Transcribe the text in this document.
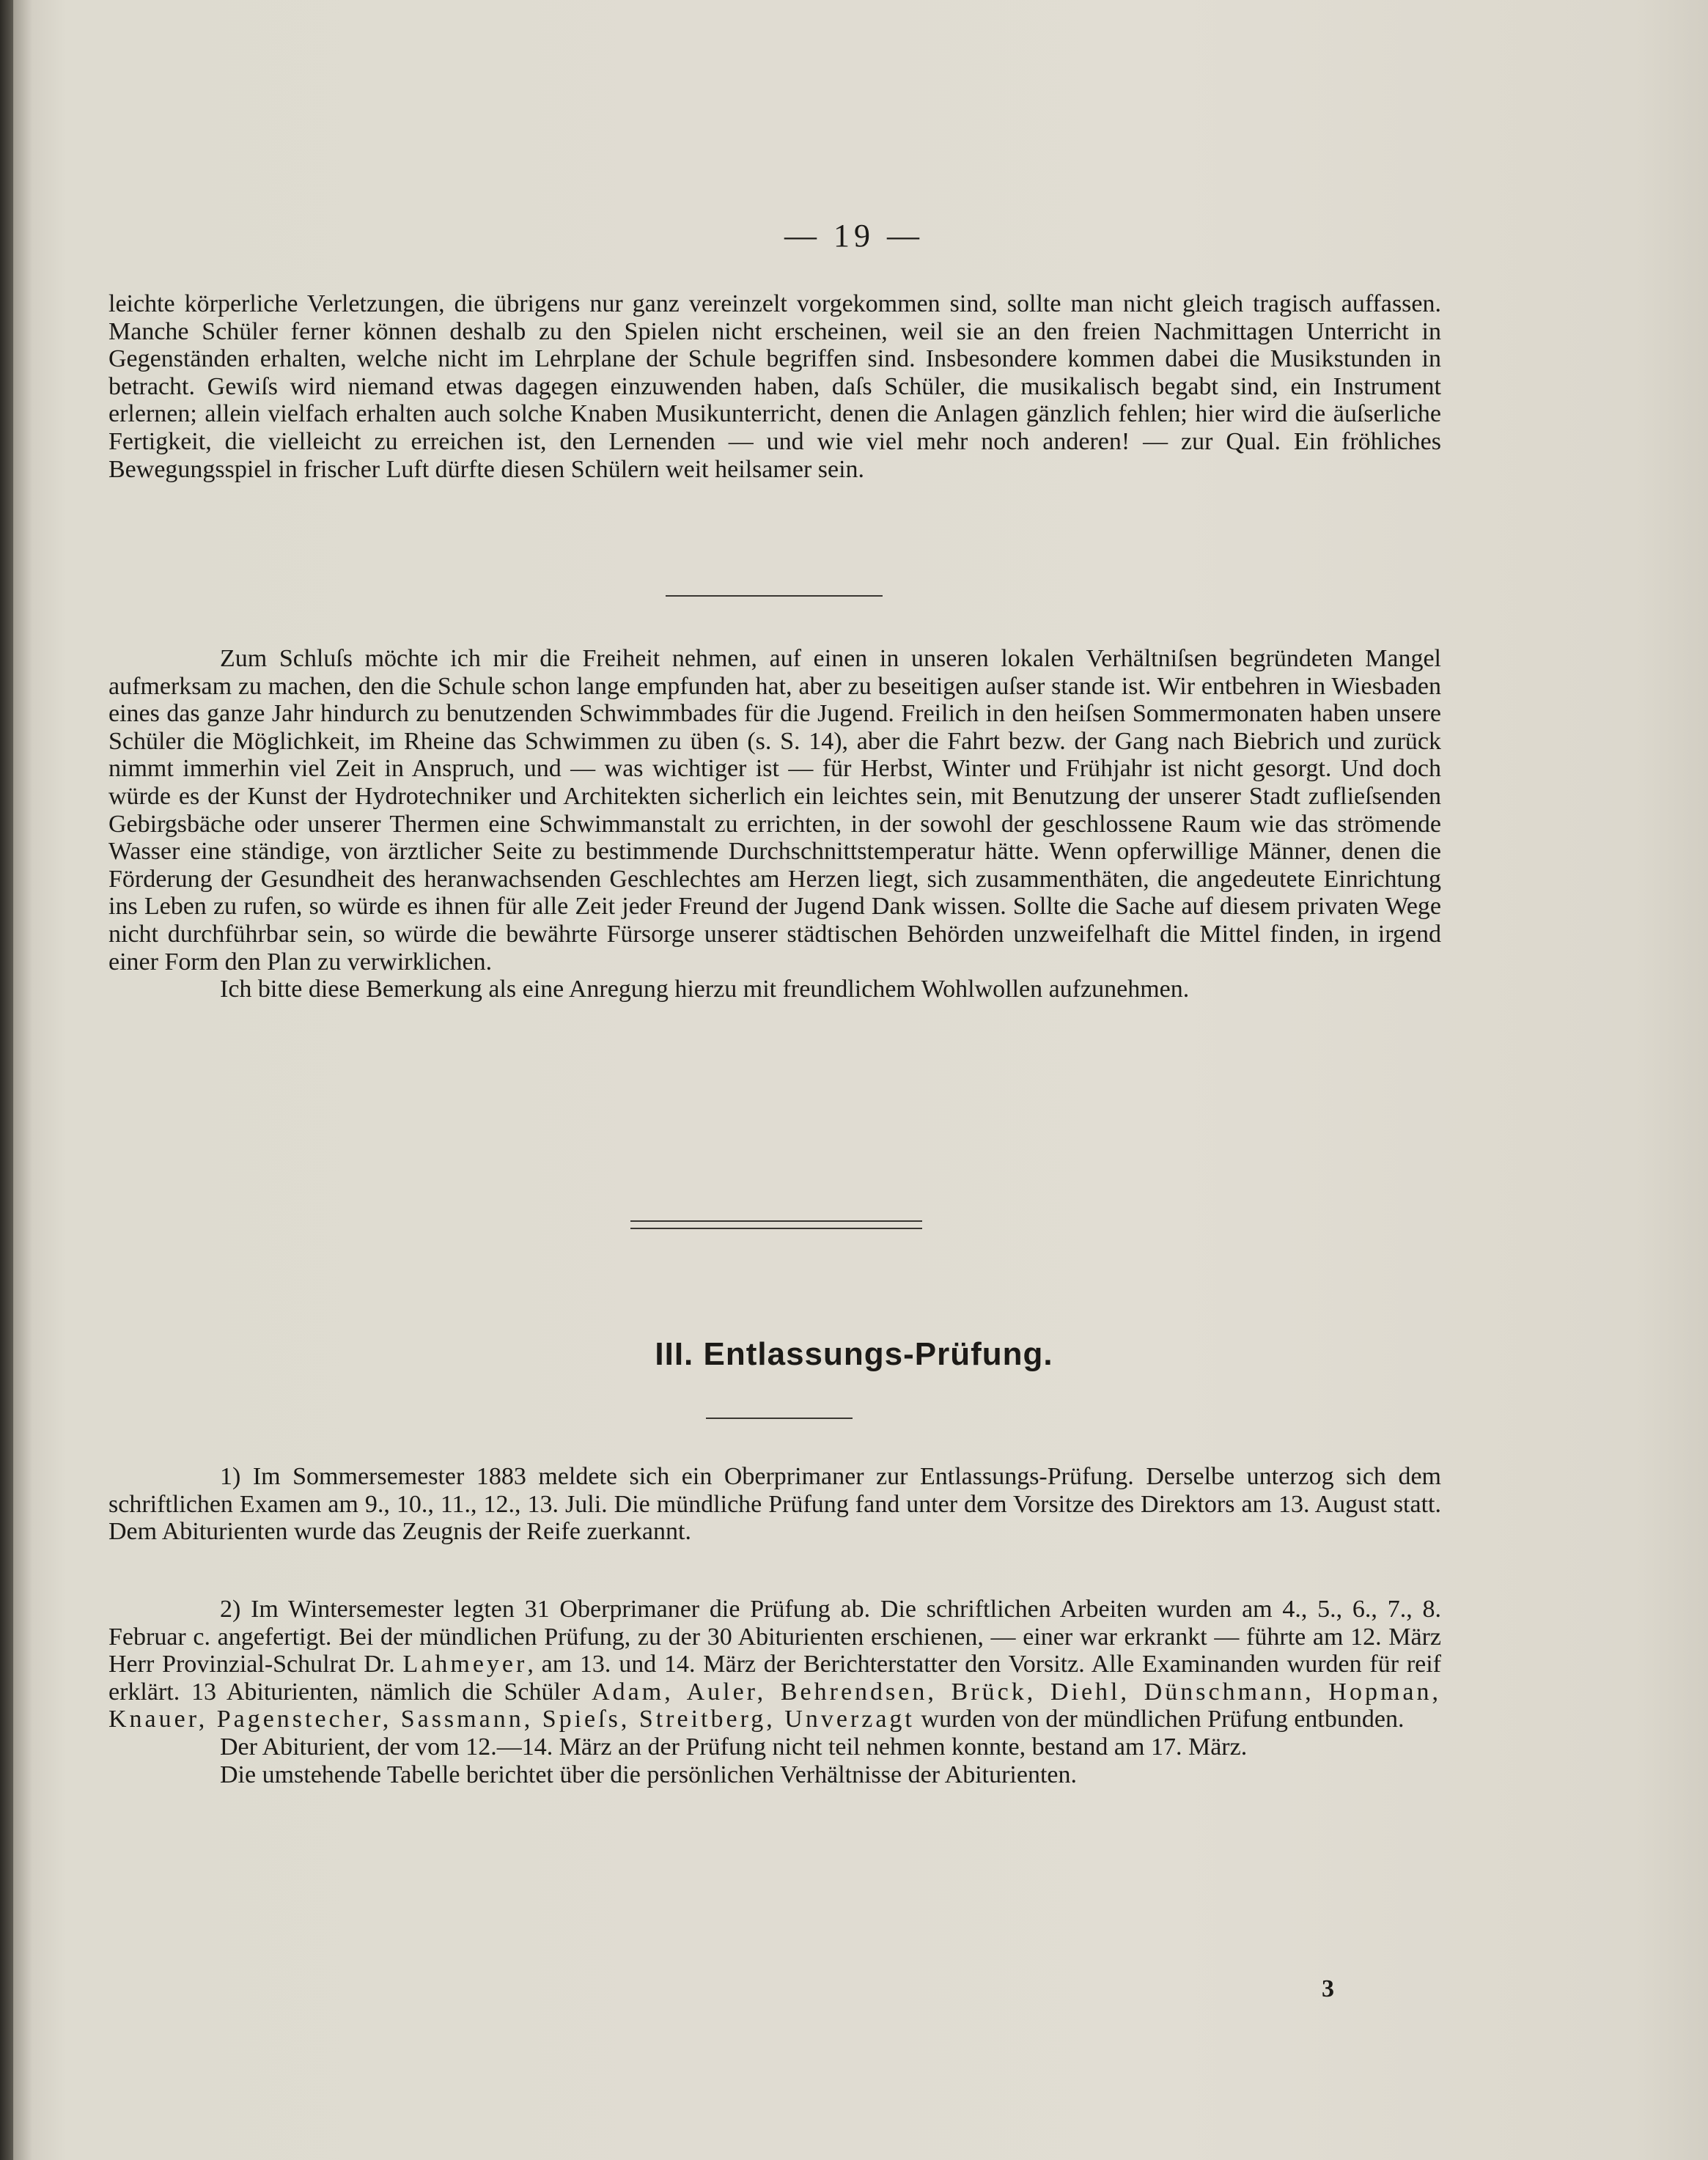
— 19 —

leichte körperliche Verletzungen, die übrigens nur ganz vereinzelt vorgekommen sind, sollte man nicht gleich tragisch auffassen. Manche Schüler ferner können deshalb zu den Spielen nicht erscheinen, weil sie an den freien Nachmittagen Unterricht in Gegenständen erhalten, welche nicht im Lehrplane der Schule begriffen sind. Insbesondere kommen dabei die Musikstunden in betracht. Gewiſs wird niemand etwas dagegen einzuwenden haben, daſs Schüler, die musikalisch begabt sind, ein Instrument erlernen; allein vielfach erhalten auch solche Knaben Musikunterricht, denen die Anlagen gänzlich fehlen; hier wird die äuſserliche Fertigkeit, die vielleicht zu erreichen ist, den Lernenden — und wie viel mehr noch anderen! — zur Qual. Ein fröhliches Bewegungsspiel in frischer Luft dürfte diesen Schülern weit heilsamer sein.

Zum Schluſs möchte ich mir die Freiheit nehmen, auf einen in unseren lokalen Verhältniſsen begründeten Mangel aufmerksam zu machen, den die Schule schon lange empfunden hat, aber zu beseitigen auſser stande ist. Wir entbehren in Wiesbaden eines das ganze Jahr hindurch zu benutzenden Schwimmbades für die Jugend. Freilich in den heiſsen Sommermonaten haben unsere Schüler die Möglichkeit, im Rheine das Schwimmen zu üben (s. S. 14), aber die Fahrt bezw. der Gang nach Biebrich und zurück nimmt immerhin viel Zeit in Anspruch, und — was wichtiger ist — für Herbst, Winter und Frühjahr ist nicht gesorgt. Und doch würde es der Kunst der Hydrotechniker und Architekten sicherlich ein leichtes sein, mit Benutzung der unserer Stadt zuflieſsenden Gebirgsbäche oder unserer Thermen eine Schwimmanstalt zu errichten, in der sowohl der geschlossene Raum wie das strömende Wasser eine ständige, von ärztlicher Seite zu bestimmende Durchschnittstemperatur hätte. Wenn opferwillige Männer, denen die Förderung der Gesundheit des heranwachsenden Geschlechtes am Herzen liegt, sich zusammenthäten, die angedeutete Einrichtung ins Leben zu rufen, so würde es ihnen für alle Zeit jeder Freund der Jugend Dank wissen. Sollte die Sache auf diesem privaten Wege nicht durchführbar sein, so würde die bewährte Fürsorge unserer städtischen Behörden unzweifelhaft die Mittel finden, in irgend einer Form den Plan zu verwirklichen.

Ich bitte diese Bemerkung als eine Anregung hierzu mit freundlichem Wohlwollen aufzunehmen.

III. Entlassungs-Prüfung.

1) Im Sommersemester 1883 meldete sich ein Oberprimaner zur Entlassungs-Prüfung. Derselbe unterzog sich dem schriftlichen Examen am 9., 10., 11., 12., 13. Juli. Die mündliche Prüfung fand unter dem Vorsitze des Direktors am 13. August statt. Dem Abiturienten wurde das Zeugnis der Reife zuerkannt.

2) Im Wintersemester legten 31 Oberprimaner die Prüfung ab. Die schriftlichen Arbeiten wurden am 4., 5., 6., 7., 8. Februar c. angefertigt. Bei der mündlichen Prüfung, zu der 30 Abiturienten erschienen, — einer war erkrankt — führte am 12. März Herr Provinzial-Schulrat Dr. Lahmeyer, am 13. und 14. März der Berichterstatter den Vorsitz. Alle Examinanden wurden für reif erklärt. 13 Abiturienten, nämlich die Schüler Adam, Auler, Behrendsen, Brück, Diehl, Dünschmann, Hopman, Knauer, Pagenstecher, Sassmann, Spieſs, Streitberg, Unverzagt wurden von der mündlichen Prüfung entbunden.

Der Abiturient, der vom 12.—14. März an der Prüfung nicht teil nehmen konnte, bestand am 17. März.

Die umstehende Tabelle berichtet über die persönlichen Verhältnisse der Abiturienten.

3
